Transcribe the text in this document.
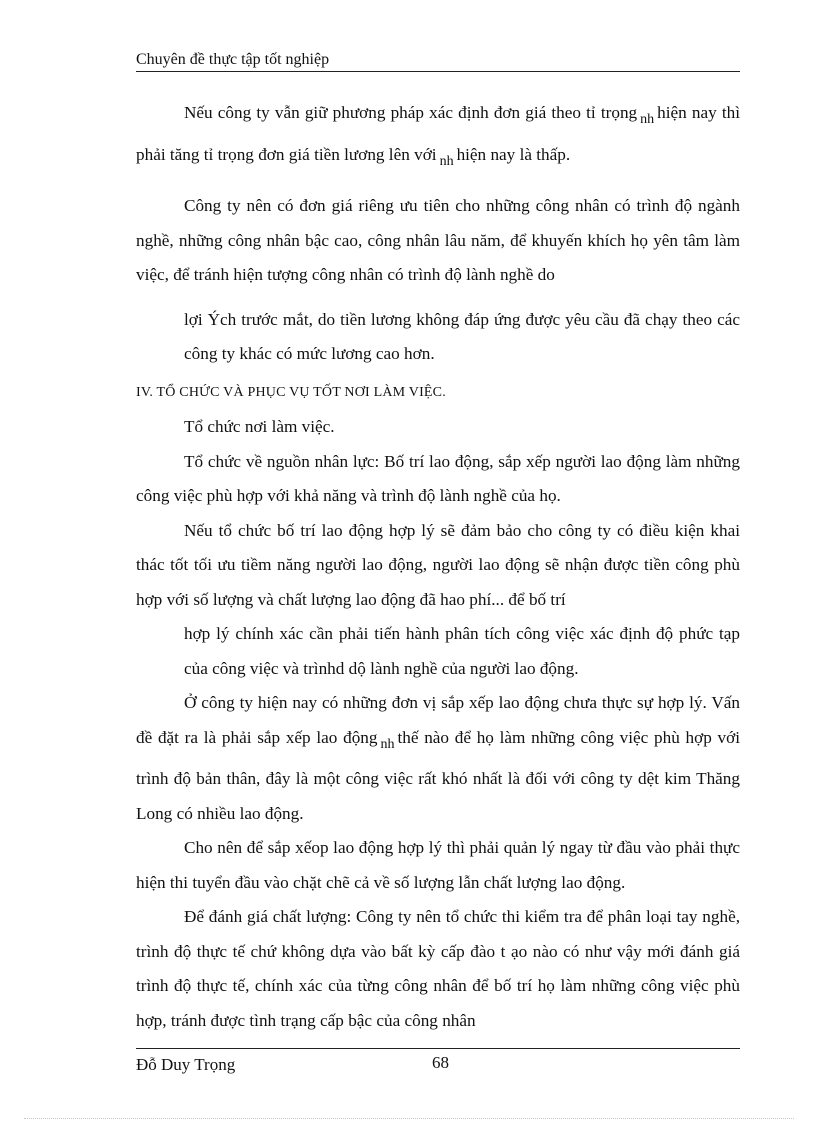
Chuyên đề thực tập tốt nghiệp

Nếu công ty vẫn giữ phương pháp xác định đơn giá theo tỉ trọng $_{nh}$ hiện nay thì phải tăng tỉ trọng đơn giá tiền lương lên với $_{nh}$ hiện nay là thấp.

Công ty nên có đơn giá riêng ưu tiên cho những công nhân có trình độ ngành nghề, những công nhân bậc cao, công nhân lâu năm, để khuyến khích họ yên tâm làm việc, để tránh hiện tượng công nhân có trình độ lành nghề do

lợi Ých trước mắt, do tiền lương không đáp ứng được yêu cầu đã chạy theo các công ty khác có mức lương cao hơn.

IV. TỔ CHỨC VÀ PHỤC VỤ TỐT NƠI LÀM VIỆC.

Tổ chức nơi làm việc.

Tổ chức về nguồn nhân lực: Bố trí lao động, sắp xếp người lao động làm những công việc phù hợp với khả năng và trình độ lành nghề của họ.

Nếu tổ chức bố trí lao động hợp lý sẽ đảm bảo cho công ty có điều kiện khai thác tốt tối ưu tiềm năng người lao động, người lao động sẽ nhận được tiền công phù hợp với số lượng và chất lượng lao động đã hao phí... để bố trí

hợp lý chính xác cần phải tiến hành phân tích công việc xác định độ phức tạp của công việc và trìnhd dộ lành nghề của người lao động.

Ở công ty hiện nay có những đơn vị sắp xếp lao động chưa thực sự hợp lý. Vấn đề đặt ra là phải sắp xếp lao động $_{nh}$ thế nào để họ làm những công việc phù hợp với trình độ bản thân, đây là một công việc rất khó nhất là đối với công ty dệt kim Thăng Long có nhiều lao động.

Cho nên để sắp xếop lao động hợp lý thì phải quản lý ngay từ đầu vào phải thực hiện thi tuyển đầu vào chặt chẽ cả về số lượng lẫn chất lượng lao động.

Để đánh giá chất lượng: Công ty nên tổ chức thi kiểm tra để phân loại tay nghề, trình độ thực tế chứ không dựa vào bất kỳ cấp đào t ạo nào có như vậy mới đánh giá trình độ thực tế, chính xác của từng công nhân để bố trí họ làm những công việc phù hợp, tránh được tình trạng cấp bậc của công nhân

Đỗ Duy Trọng	68
